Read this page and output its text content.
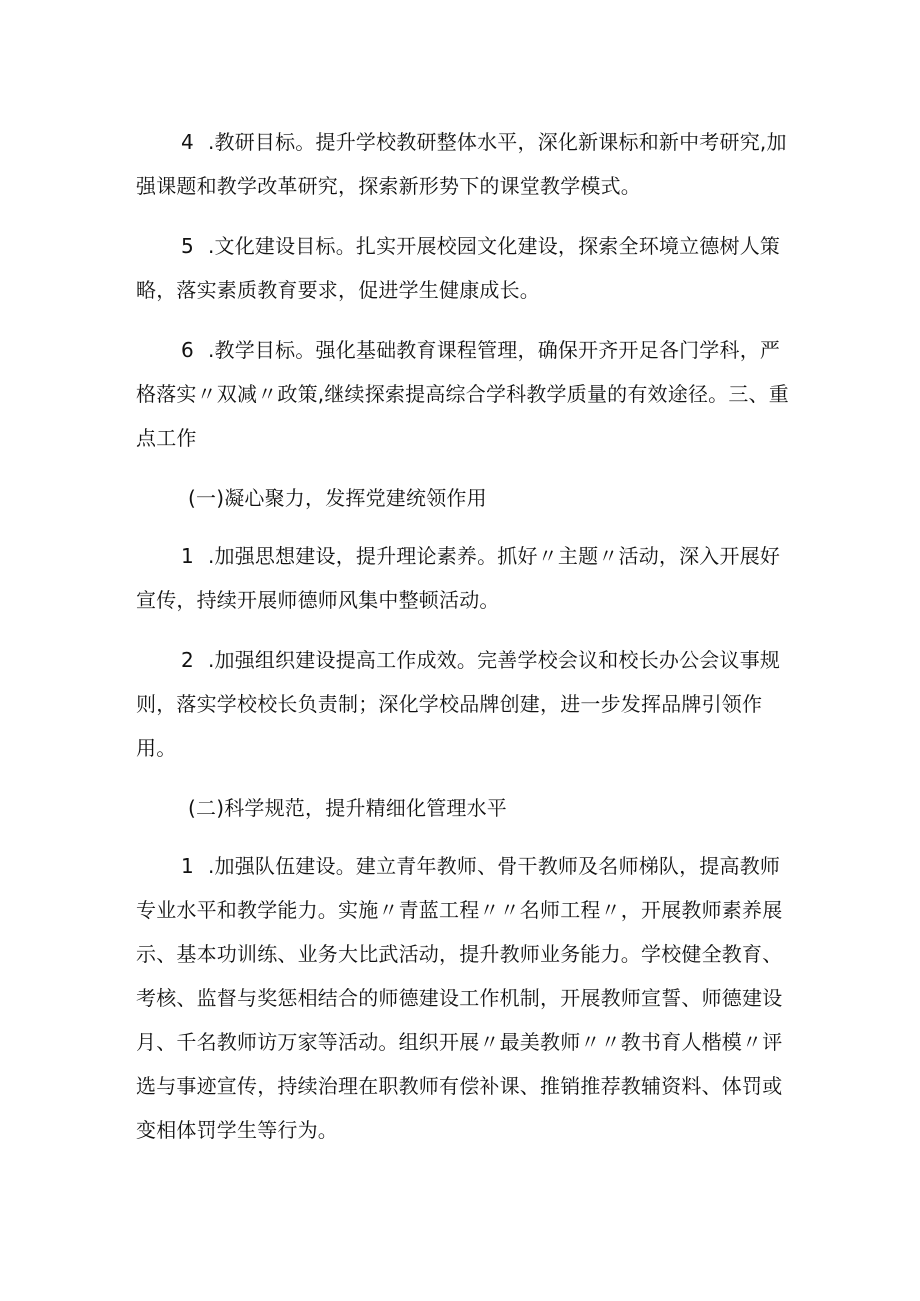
4 .教研目标。提升学校教研整体水平，深化新课标和新中考研究,加强课题和教学改革研究，探索新形势下的课堂教学模式。

5 .文化建设目标。扎实开展校园文化建设，探索全环境立德树人策略，落实素质教育要求，促进学生健康成长。

6 .教学目标。强化基础教育课程管理，确保开齐开足各门学科，严格落实〃双减〃政策,继续探索提高综合学科教学质量的有效途径。三、重点工作

(一)凝心聚力，发挥党建统领作用

1 .加强思想建设，提升理论素养。抓好〃主题〃活动，深入开展好宣传，持续开展师德师风集中整顿活动。

2 .加强组织建设提高工作成效。完善学校会议和校长办公会议事规则，落实学校校长负责制；深化学校品牌创建，进一步发挥品牌引领作用。

(二)科学规范，提升精细化管理水平

1 .加强队伍建设。建立青年教师、骨干教师及名师梯队，提高教师专业水平和教学能力。实施〃青蓝工程〃〃名师工程〃，开展教师素养展示、基本功训练、业务大比武活动，提升教师业务能力。学校健全教育、考核、监督与奖惩相结合的师德建设工作机制，开展教师宣誓、师德建设月、千名教师访万家等活动。组织开展〃最美教师〃〃教书育人楷模〃评选与事迹宣传，持续治理在职教师有偿补课、推销推荐教辅资料、体罚或变相体罚学生等行为。
